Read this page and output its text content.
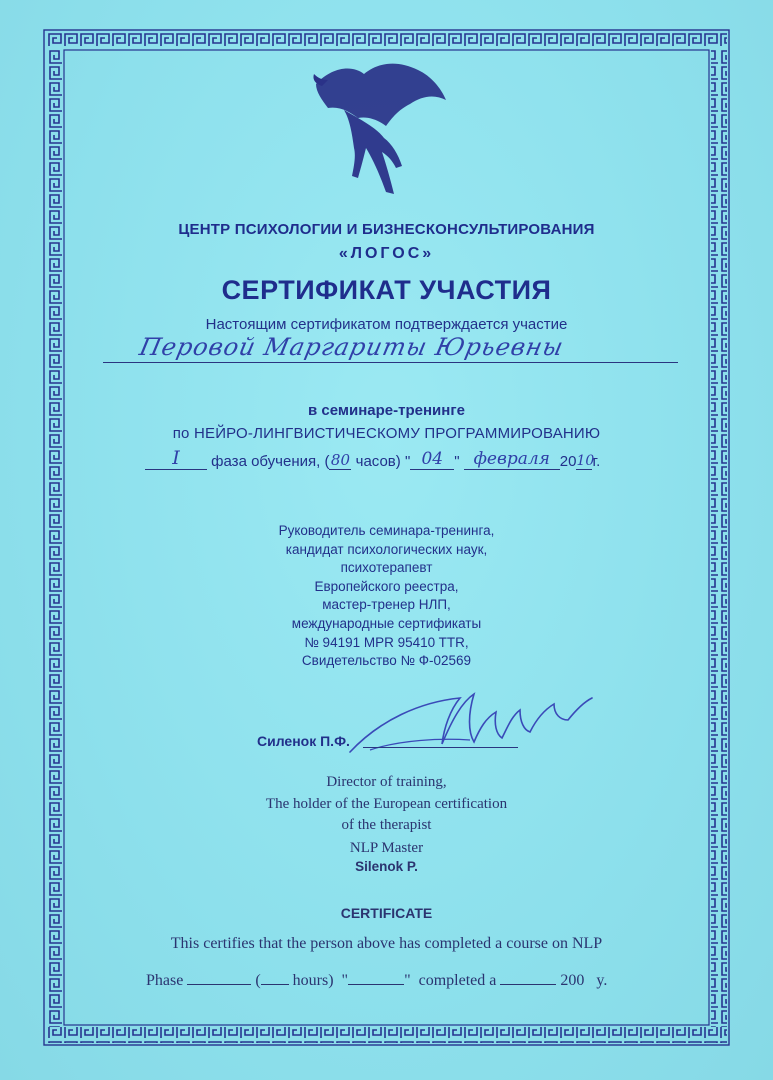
ЦЕНТР ПСИХОЛОГИИ И БИЗНЕСКОНСУЛЬТИРОВАНИЯ
«ЛОГОС»
СЕРТИФИКАТ УЧАСТИЯ
Настоящим сертификатом подтверждается участие
Перовой Маргариты Юрьевны
в семинаре-тренинге
по НЕЙРО-ЛИНГВИСТИЧЕСКОМУ ПРОГРАММИРОВАНИЮ
I	фаза обучения, ( 80 часов) " 04 " февраля 20 10
г.
Руководитель семинара-тренинга,
кандидат психологических наук,
психотерапевт
Европейского реестра,
мастер-тренер НЛП,
международные сертификаты
№ 94191 MPR 95410 TTR,
Свидетельство № Ф-02569
Силенок П.Ф.
Director of training,
The holder of the European certification
of the therapist
NLP Master
Silenok P.
CERTIFICATE
This certifies that the person above has completed a course on NLP
Phase	( hours) "	" completed a	200 y.
